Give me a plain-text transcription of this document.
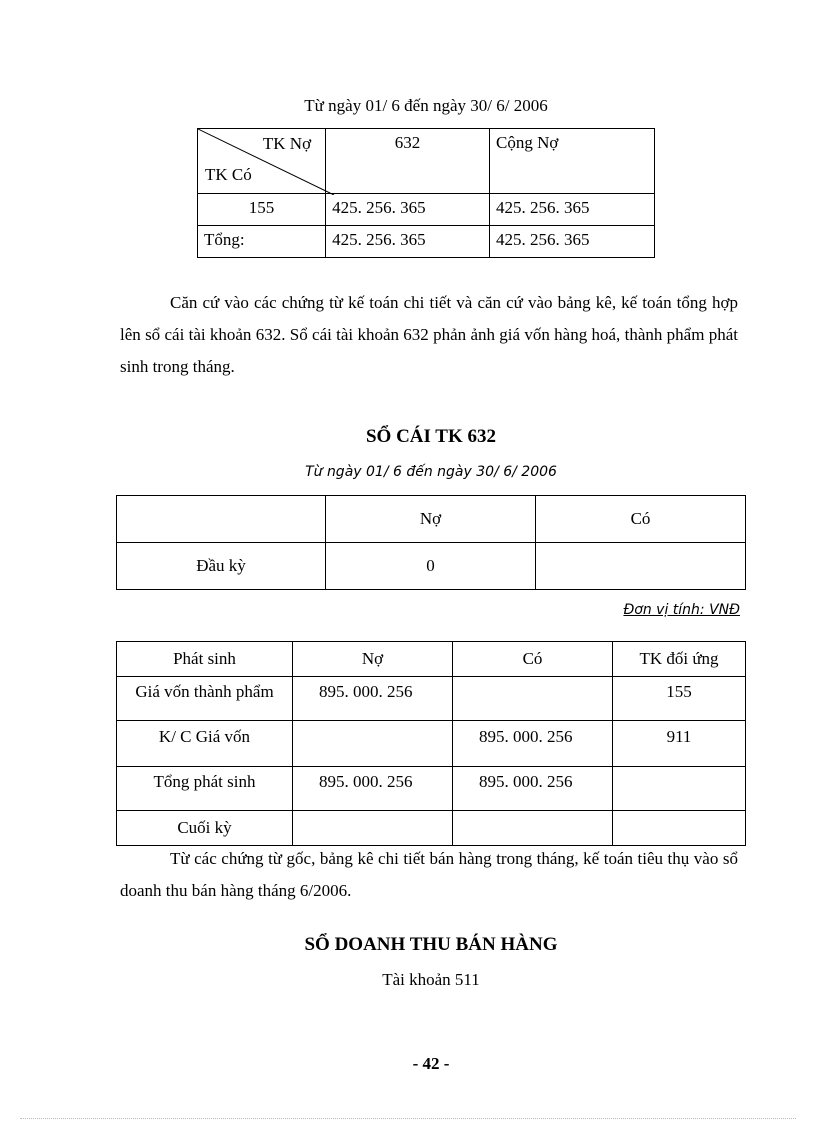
Từ ngày 01/ 6 đến ngày 30/ 6/ 2006
TK Nợ
TK Có	632	Cộng Nợ
155	425. 256. 365	425. 256. 365
Tổng:	425. 256. 365	425. 256. 365
Căn cứ vào các chứng từ kế toán chi tiết và căn cứ vào bảng kê, kế toán tổng hợp lên sổ cái tài khoản 632. Sổ cái tài khoản 632 phản ảnh giá vốn hàng hoá, thành phẩm phát sinh trong tháng.
SỔ CÁI TK 632
Từ ngày 01/ 6 đến ngày 30/ 6/ 2006
	Nợ	Có
Đầu kỳ	0	
Đơn vị tính: VNĐ
Phát sinh	Nợ	Có	TK đối ứng
Giá vốn thành phẩm	895. 000. 256		155
K/ C Giá vốn		895. 000. 256	911
Tổng phát sinh	895. 000. 256	895. 000. 256	
Cuối kỳ			
Từ các chứng từ gốc, bảng kê chi tiết bán hàng trong tháng, kế toán tiêu thụ vào sổ doanh thu bán hàng tháng 6/2006.
SỔ DOANH THU BÁN HÀNG
Tài khoản 511
- 42 -
